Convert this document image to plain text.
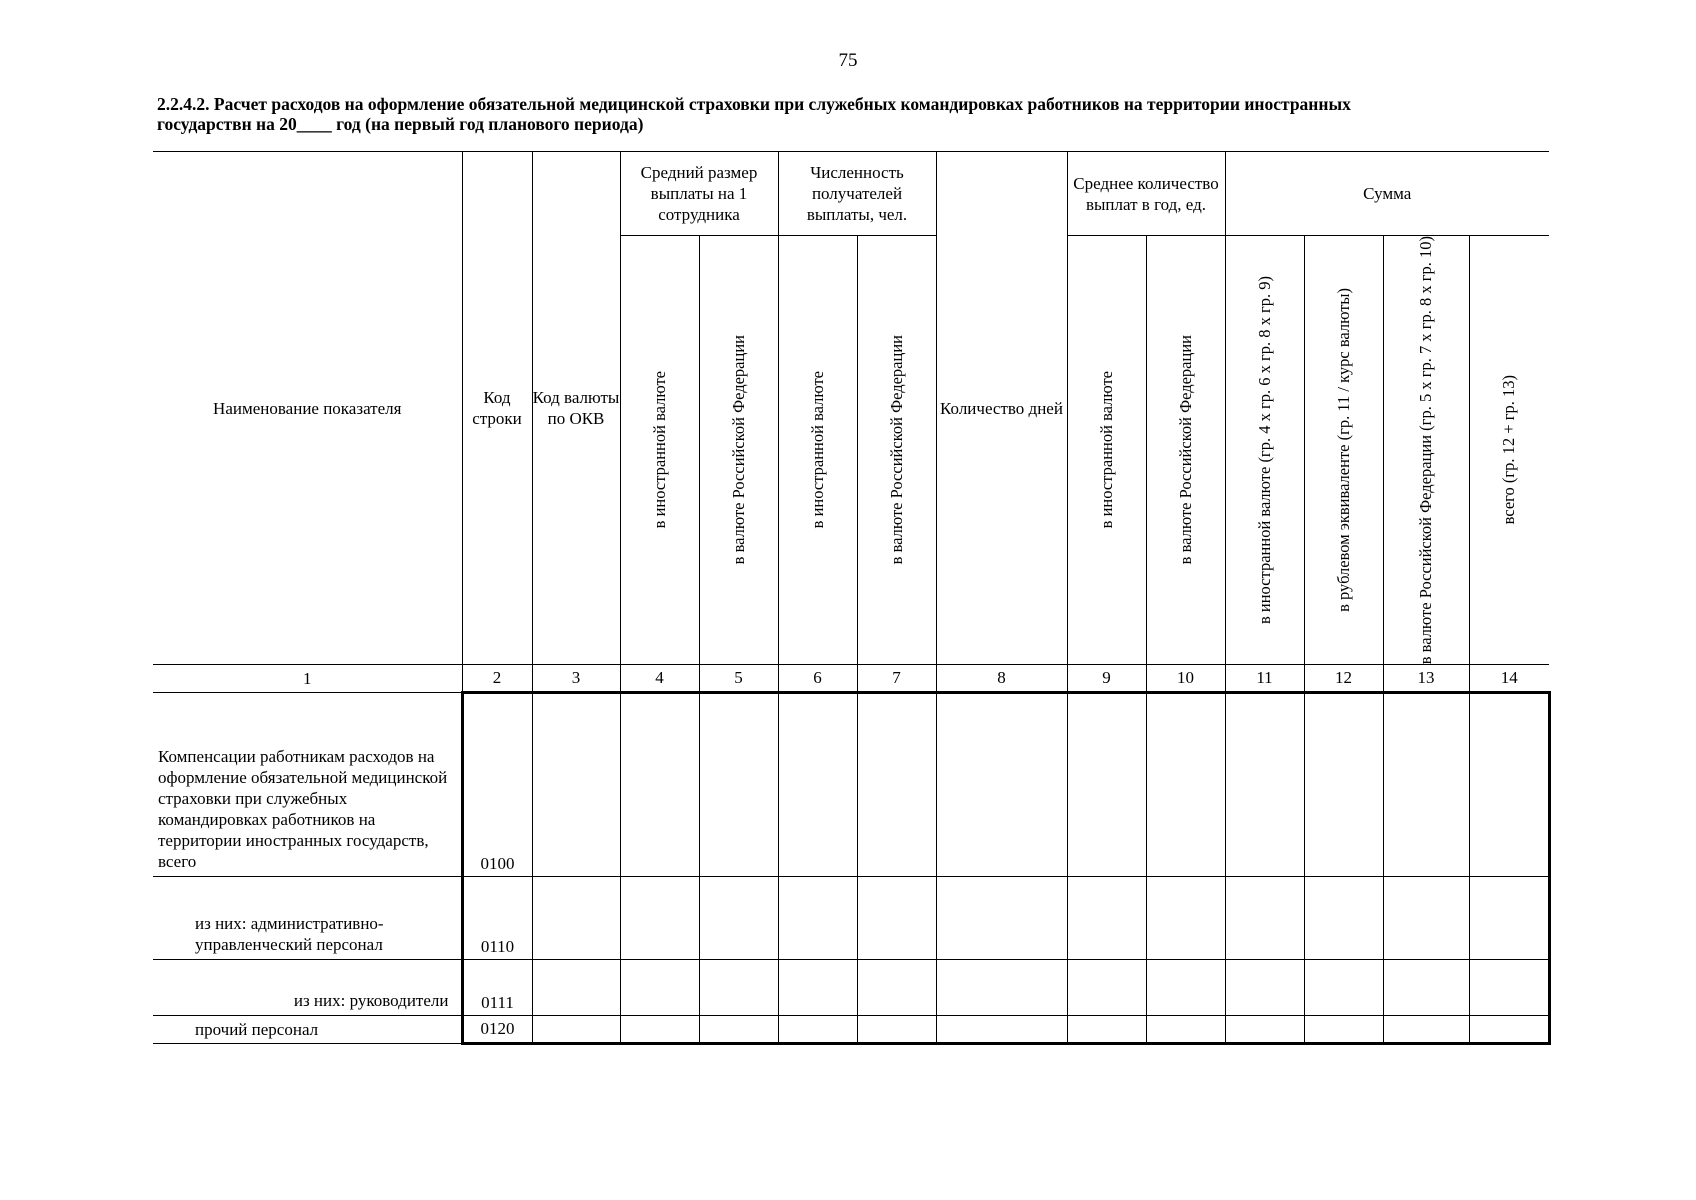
75
2.2.4.2. Расчет расходов на оформление обязательной медицинской страховки при служебных командировках работников на территории иностранных
государствн на 20____ год (на первый год планового периода)
Наименование показателя	Код строки	Код валюты по ОКВ	Средний размер выплаты на 1 сотрудника		Численность получателей выплаты, чел.		Количество дней	Среднее количество выплат в год, ед.		Сумма			

			в иностранной валюте	в валюте Российской Федерации	в иностранной валюте	в валюте Российской Федерации		в иностранной валюте	в валюте Российской Федерации	в иностранной валюте (гр. 4 х гр. 6 х гр. 8 х гр. 9)	в рублевом эквиваленте (гр. 11 / курс валюты)	в валюте Российской Федерации (гр. 5 х гр. 7 х гр. 8 х гр. 10)	всего (гр. 12 + гр. 13)

1	2	3	4	5	6	7	8	9	10	11	12	13	14
Компенсации работникам расходов на оформление обязательной медицинской страховки при служебных командировках работников на территории иностранных государств, всего	0100												
из них: административно-управленческий персонал	0110												
из них: руководители	0111												
прочий персонал	0120												
